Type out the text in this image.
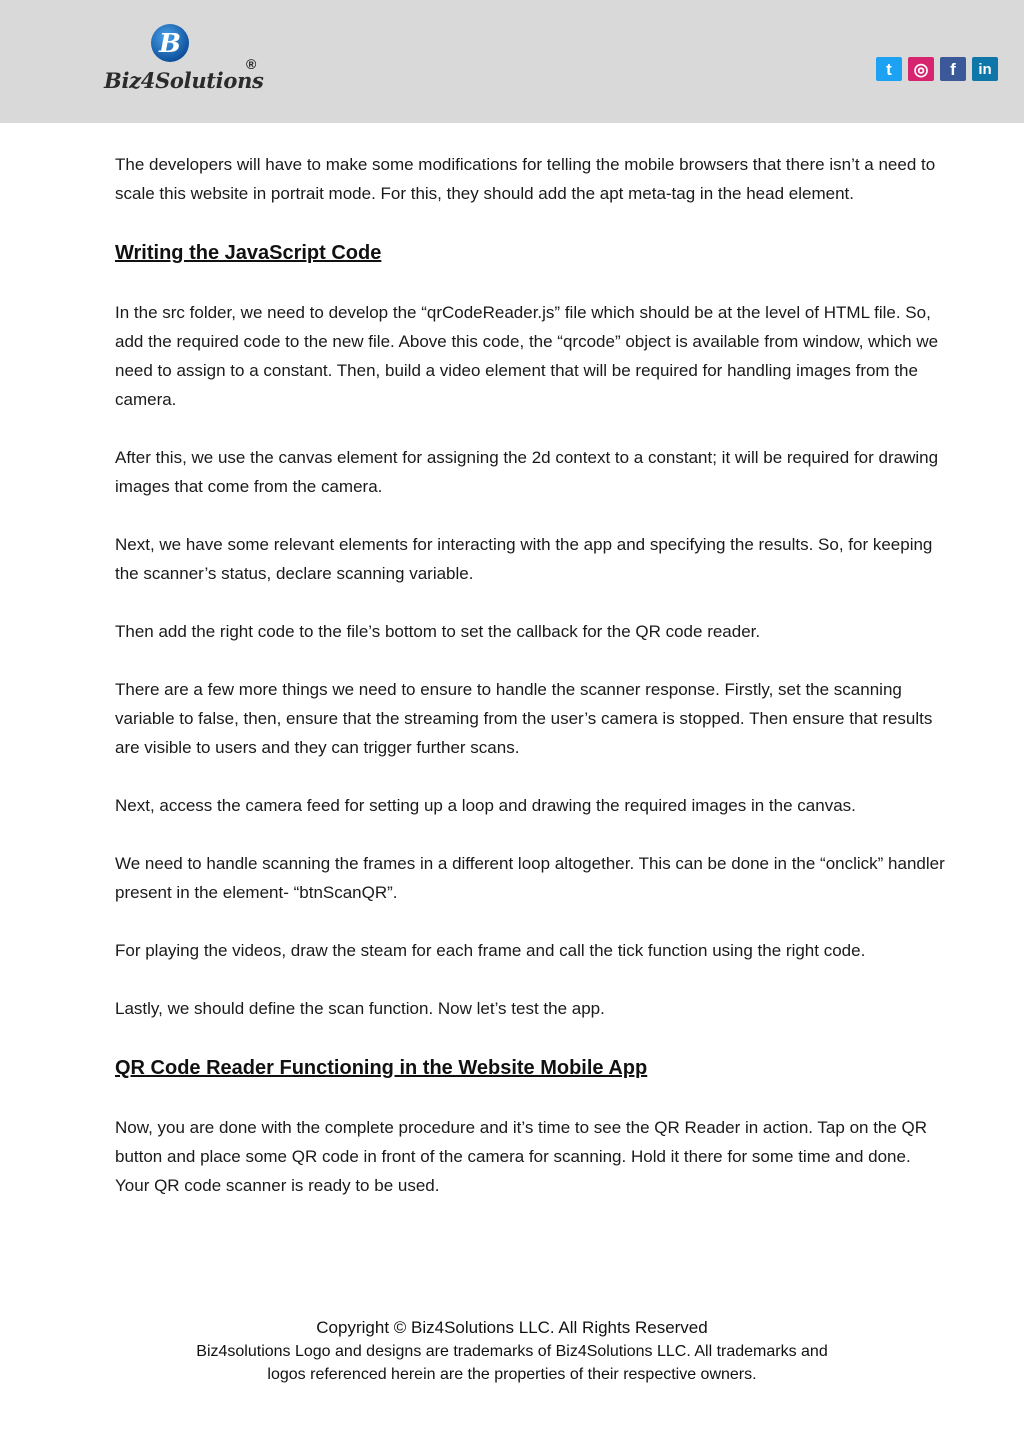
B
®
Biz4Solutions	t ◎ f in

The developers will have to make some modifications for telling the mobile browsers that there isn’t a need to scale this website in portrait mode. For this, they should add the apt meta-tag in the head element.

Writing the JavaScript Code

In the src folder, we need to develop the “qrCodeReader.js” file which should be at the level of HTML file. So, add the required code to the new file. Above this code, the “qrcode” object is available from window, which we need to assign to a constant. Then, build a video element that will be required for handling images from the camera.

After this, we use the canvas element for assigning the 2d context to a constant; it will be required for drawing images that come from the camera.

Next, we have some relevant elements for interacting with the app and specifying the results. So, for keeping the scanner’s status, declare scanning variable.

Then add the right code to the file’s bottom to set the callback for the QR code reader.

There are a few more things we need to ensure to handle the scanner response. Firstly, set the scanning variable to false, then, ensure that the streaming from the user’s camera is stopped. Then ensure that results are visible to users and they can trigger further scans.

Next, access the camera feed for setting up a loop and drawing the required images in the canvas.

We need to handle scanning the frames in a different loop altogether. This can be done in the “onclick” handler present in the element- “btnScanQR”.

For playing the videos, draw the steam for each frame and call the tick function using the right code.

Lastly, we should define the scan function. Now let’s test the app.

QR Code Reader Functioning in the Website Mobile App

Now, you are done with the complete procedure and it’s time to see the QR Reader in action. Tap on the QR button and place some QR code in front of the camera for scanning. Hold it there for some time and done. Your QR code scanner is ready to be used.

Copyright © Biz4Solutions LLC. All Rights Reserved
Biz4solutions Logo and designs are trademarks of Biz4Solutions LLC. All trademarks and
logos referenced herein are the properties of their respective owners.
